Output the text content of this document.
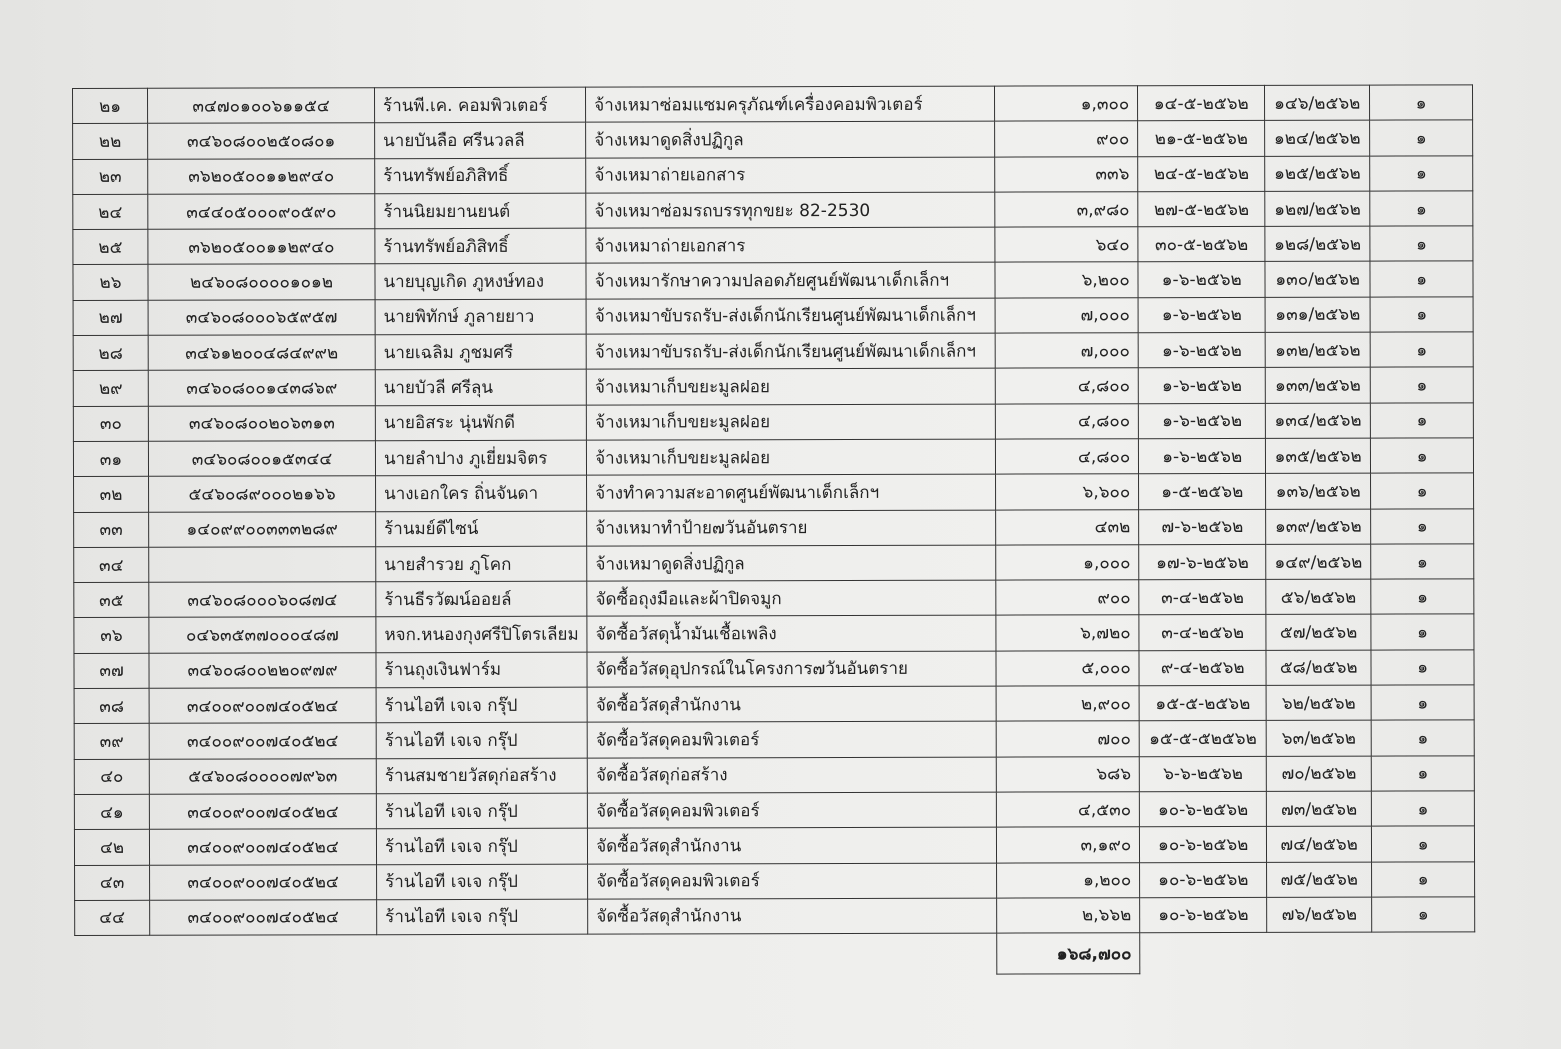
๒๑	๓๔๗๐๑๐๐๖๑๑๕๔	ร้านพี.เค. คอมพิวเตอร์	จ้างเหมาซ่อมแซมครุภัณฑ์เครื่องคอมพิวเตอร์	๑,๓๐๐	๑๔-๕-๒๕๖๒	๑๔๖/๒๕๖๒	๑
๒๒	๓๔๖๐๘๐๐๒๕๐๘๐๑	นายบันลือ ศรีนวลลี	จ้างเหมาดูดสิ่งปฏิกูล	๙๐๐	๒๑-๕-๒๕๖๒	๑๒๔/๒๕๖๒	๑
๒๓	๓๖๒๐๕๐๐๑๑๒๙๔๐	ร้านทรัพย์อภิสิทธิ์	จ้างเหมาถ่ายเอกสาร	๓๓๖	๒๔-๕-๒๕๖๒	๑๒๕/๒๕๖๒	๑
๒๔	๓๔๔๐๕๐๐๐๙๐๕๙๐	ร้านนิยมยานยนต์	จ้างเหมาซ่อมรถบรรทุกขยะ 82-2530	๓,๙๘๐	๒๗-๕-๒๕๖๒	๑๒๗/๒๕๖๒	๑
๒๕	๓๖๒๐๕๐๐๑๑๒๙๔๐	ร้านทรัพย์อภิสิทธิ์	จ้างเหมาถ่ายเอกสาร	๖๔๐	๓๐-๕-๒๕๖๒	๑๒๘/๒๕๖๒	๑
๒๖	๒๔๖๐๘๐๐๐๐๑๐๑๒	นายบุญเกิด ภูหงษ์ทอง	จ้างเหมารักษาความปลอดภัยศูนย์พัฒนาเด็กเล็กฯ	๖,๒๐๐	๑-๖-๒๕๖๒	๑๓๐/๒๕๖๒	๑
๒๗	๓๔๖๐๘๐๐๐๖๕๙๕๗	นายพิทักษ์ ภูลายยาว	จ้างเหมาขับรถรับ-ส่งเด็กนักเรียนศูนย์พัฒนาเด็กเล็กฯ	๗,๐๐๐	๑-๖-๒๕๖๒	๑๓๑/๒๕๖๒	๑
๒๘	๓๔๖๑๒๐๐๔๘๔๙๙๒	นายเฉลิม ภูชมศรี	จ้างเหมาขับรถรับ-ส่งเด็กนักเรียนศูนย์พัฒนาเด็กเล็กฯ	๗,๐๐๐	๑-๖-๒๕๖๒	๑๓๒/๒๕๖๒	๑
๒๙	๓๔๖๐๘๐๐๑๔๓๘๖๙	นายบัวลี ศรีลุน	จ้างเหมาเก็บขยะมูลฝอย	๔,๘๐๐	๑-๖-๒๕๖๒	๑๓๓/๒๕๖๒	๑
๓๐	๓๔๖๐๘๐๐๒๐๖๓๑๓	นายอิสระ นุ่นพักดี	จ้างเหมาเก็บขยะมูลฝอย	๔,๘๐๐	๑-๖-๒๕๖๒	๑๓๔/๒๕๖๒	๑
๓๑	๓๔๖๐๘๐๐๑๕๓๔๔	นายลำปาง ภูเยี่ยมจิตร	จ้างเหมาเก็บขยะมูลฝอย	๔,๘๐๐	๑-๖-๒๕๖๒	๑๓๕/๒๕๖๒	๑
๓๒	๕๔๖๐๘๙๐๐๐๒๑๖๖	นางเอกใคร ถิ่นจันดา	จ้างทำความสะอาดศูนย์พัฒนาเด็กเล็กฯ	๖,๖๐๐	๑-๕-๒๕๖๒	๑๓๖/๒๕๖๒	๑
๓๓	๑๔๐๙๙๐๐๓๓๓๒๘๙	ร้านมย์ดีไซน์	จ้างเหมาทำป้าย๗วันอันตราย	๔๓๒	๗-๖-๒๕๖๒	๑๓๙/๒๕๖๒	๑
๓๔		นายสำรวย ภูโคก	จ้างเหมาดูดสิ่งปฏิกูล	๑,๐๐๐	๑๗-๖-๒๕๖๒	๑๔๙/๒๕๖๒	๑
๓๕	๓๔๖๐๘๐๐๐๖๐๘๗๔	ร้านธีรวัฒน์ออยล์	จัดซื้อถุงมือและผ้าปิดจมูก	๙๐๐	๓-๔-๒๕๖๒	๕๖/๒๕๖๒	๑
๓๖	๐๔๖๓๕๓๗๐๐๐๔๘๗	หจก.หนองกุงศรีปิโตรเลียม	จัดซื้อวัสดุน้ำมันเชื้อเพลิง	๖,๗๒๐	๓-๔-๒๕๖๒	๕๗/๒๕๖๒	๑
๓๗	๓๔๖๐๘๐๐๒๒๐๙๗๙	ร้านถุงเงินฟาร์ม	จัดซื้อวัสดุอุปกรณ์ในโครงการ๗วันอันตราย	๕,๐๐๐	๙-๔-๒๕๖๒	๕๘/๒๕๖๒	๑
๓๘	๓๔๐๐๙๐๐๗๔๐๕๒๔	ร้านไอที เจเจ กรุ๊ป	จัดซื้อวัสดุสำนักงาน	๒,๙๐๐	๑๕-๕-๒๕๖๒	๖๒/๒๕๖๒	๑
๓๙	๓๔๐๐๙๐๐๗๔๐๕๒๔	ร้านไอที เจเจ กรุ๊ป	จัดซื้อวัสดุคอมพิวเตอร์	๗๐๐	๑๕-๕-๕๒๕๖๒	๖๓/๒๕๖๒	๑
๔๐	๕๔๖๐๘๐๐๐๐๗๙๖๓	ร้านสมชายวัสดุก่อสร้าง	จัดซื้อวัสดุก่อสร้าง	๖๘๖	๖-๖-๒๕๖๒	๗๐/๒๕๖๒	๑
๔๑	๓๔๐๐๙๐๐๗๔๐๕๒๔	ร้านไอที เจเจ กรุ๊ป	จัดซื้อวัสดุคอมพิวเตอร์	๔,๕๓๐	๑๐-๖-๒๕๖๒	๗๓/๒๕๖๒	๑
๔๒	๓๔๐๐๙๐๐๗๔๐๕๒๔	ร้านไอที เจเจ กรุ๊ป	จัดซื้อวัสดุสำนักงาน	๓,๑๙๐	๑๐-๖-๒๕๖๒	๗๔/๒๕๖๒	๑
๔๓	๓๔๐๐๙๐๐๗๔๐๕๒๔	ร้านไอที เจเจ กรุ๊ป	จัดซื้อวัสดุคอมพิวเตอร์	๑,๒๐๐	๑๐-๖-๒๕๖๒	๗๕/๒๕๖๒	๑
๔๔	๓๔๐๐๙๐๐๗๔๐๕๒๔	ร้านไอที เจเจ กรุ๊ป	จัดซื้อวัสดุสำนักงาน	๒,๖๖๒	๑๐-๖-๒๕๖๒	๗๖/๒๕๖๒	๑
				๑๖๘,๗๐๐			
